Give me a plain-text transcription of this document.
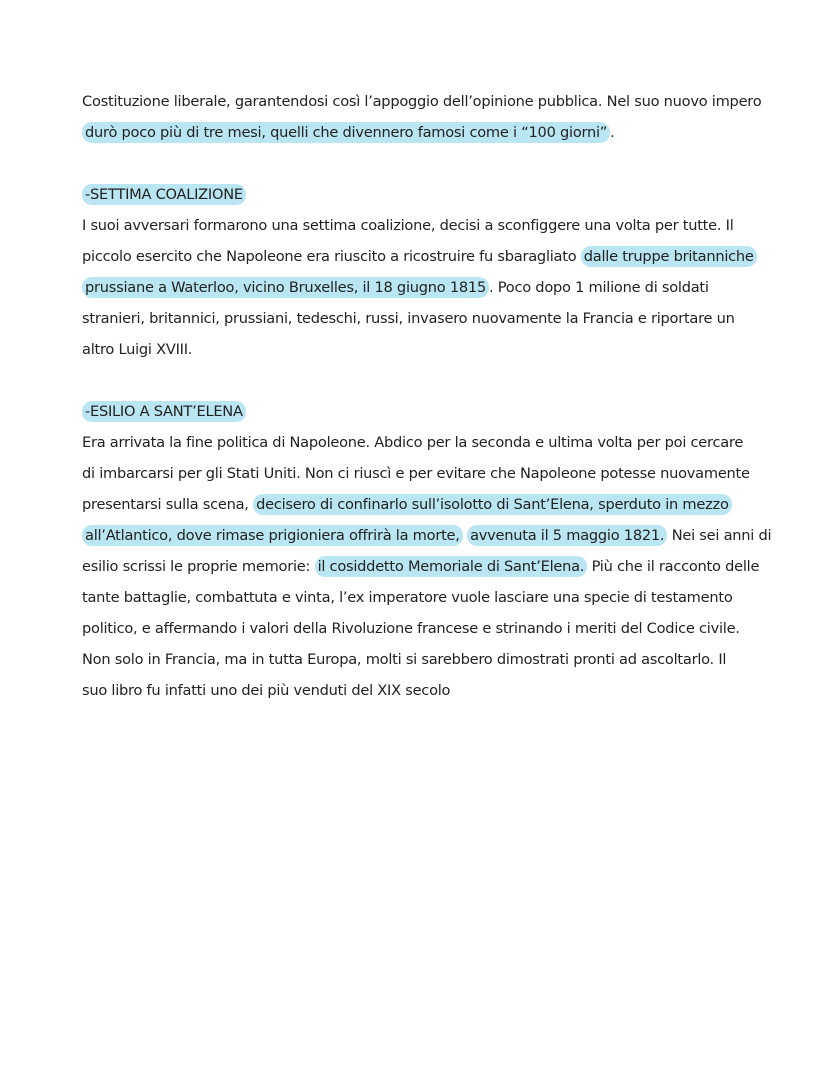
Costituzione liberale, garantendosi così l’appoggio dell’opinione pubblica. Nel suo nuovo impero
durò poco più di tre mesi, quelli che divennero famosi come i “100 giorni” .
-SETTIMA COALIZIONE
I suoi avversari formarono una settima coalizione, decisi a sconfiggere una volta per tutte. Il
piccolo esercito che Napoleone era riuscito a ricostruire fu sbaragliato dalle truppe britanniche
prussiane a Waterloo, vicino Bruxelles, il 18 giugno 1815 . Poco dopo 1 milione di soldati
stranieri, britannici, prussiani, tedeschi, russi, invasero nuovamente la Francia e riportare un
altro Luigi XVIII.
-ESILIO A SANT’ELENA
Era arrivata la fine politica di Napoleone. Abdico per la seconda e ultima volta per poi cercare
di imbarcarsi per gli Stati Uniti. Non ci riuscì e per evitare che Napoleone potesse nuovamente
presentarsi sulla scena, decisero di confinarlo sull’isolotto di Sant’Elena, sperduto in mezzo
all’Atlantico, dove rimase prigioniera offrirà la morte, avvenuta il 5 maggio 1821. Nei sei anni di
esilio scrissi le proprie memorie: il cosiddetto Memoriale di Sant’Elena. Più che il racconto delle
tante battaglie, combattuta e vinta, l’ex imperatore vuole lasciare una specie di testamento
politico, e affermando i valori della Rivoluzione francese e strinando i meriti del Codice civile.
Non solo in Francia, ma in tutta Europa, molti si sarebbero dimostrati pronti ad ascoltarlo. Il
suo libro fu infatti uno dei più venduti del XIX secolo
